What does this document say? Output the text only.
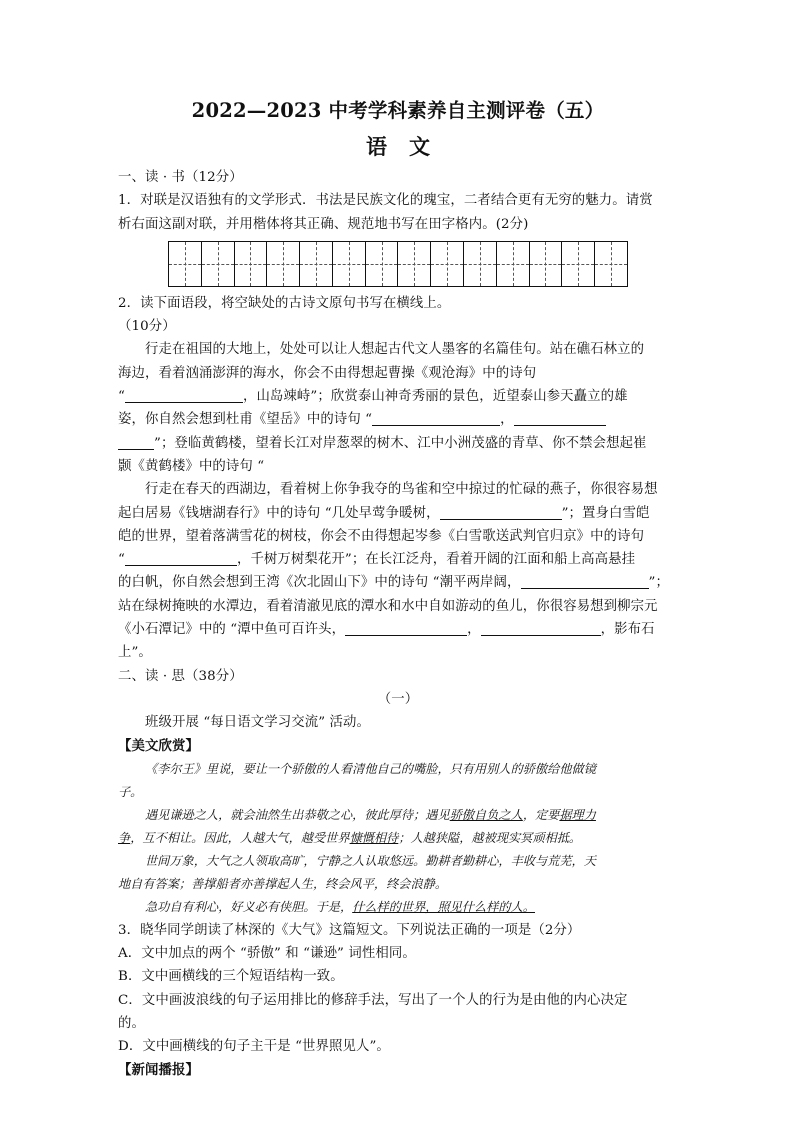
2022—2023 中考学科素养自主测评卷（五）
语文
一、读 · 书（12分）
1．对联是汉语独有的文学形式．书法是民族文化的瑰宝，二者结合更有无穷的魅力。请赏
析右面这副对联，并用楷体将其正确、规范地书写在田字格内。(2分)
2．读下面语段，将空缺处的古诗文原句书写在横线上。
（10分）
行走在祖国的大地上，处处可以让人想起古代文人墨客的名篇佳句。站在礁石林立的
海边，看着汹涌澎湃的海水，你会不由得想起曹操《观沧海》中的诗句
“	，山岛竦峙”；欣赏泰山神奇秀丽的景色，近望泰山参天矗立的雄
姿，你自然会想到杜甫《望岳》中的诗句 “	，
”；登临黄鹤楼，望着长江对岸葱翠的树木、江中小洲茂盛的青草、你不禁会想起崔
颢《黄鹤楼》中的诗句 “
行走在春天的西湖边，看着树上你争我夺的鸟雀和空中掠过的忙碌的燕子，你很容易想
起白居易《钱塘湖春行》中的诗句 “几处早莺争暖树，	”；置身白雪皑
皑的世界，望着落满雪花的树枝，你会不由得想起岑参《白雪歌送武判官归京》中的诗句
“	，千树万树梨花开”；在长江泛舟，看着开阔的江面和船上高高悬挂
的白帆，你自然会想到王湾《次北固山下》中的诗句 “潮平两岸阔，	”；
站在绿树掩映的水潭边，看着清澈见底的潭水和水中自如游动的鱼儿，你很容易想到柳宗元
《小石潭记》中的 “潭中鱼可百许头，	，	，影布石
上”。
二、读 · 思（38分）
（一）
班级开展 “每日语文学习交流” 活动。
【美文欣赏】
《李尔王》里说，要让一个骄傲的人看清他自己的嘴脸，只有用别人的骄傲给他做镜
子。
遇见谦逊之人，就会油然生出恭敬之心，彼此厚待；遇见骄傲自负之人，定要据理力
争，互不相让。因此，人越大气，越受世界慷慨相待；人越狭隘，越被现实冥顽相抵。
世间万象，大气之人领取高旷，宁静之人认取悠远。勤耕者勤耕心，丰收与荒芜，天
地自有答案；善撑船者亦善撑起人生，终会风平，终会浪静。
急功自有利心，好义必有侠胆。于是，什么样的世界，照见什么样的人。
3．晓华同学朗读了林深的《大气》这篇短文。下列说法正确的一项是（2分）
A．文中加点的两个 “骄傲” 和 “谦逊” 词性相同。
B．文中画横线的三个短语结构一致。
C．文中画波浪线的句子运用排比的修辞手法，写出了一个人的行为是由他的内心决定
的。
D．文中画横线的句子主干是 “世界照见人”。
【新闻播报】
